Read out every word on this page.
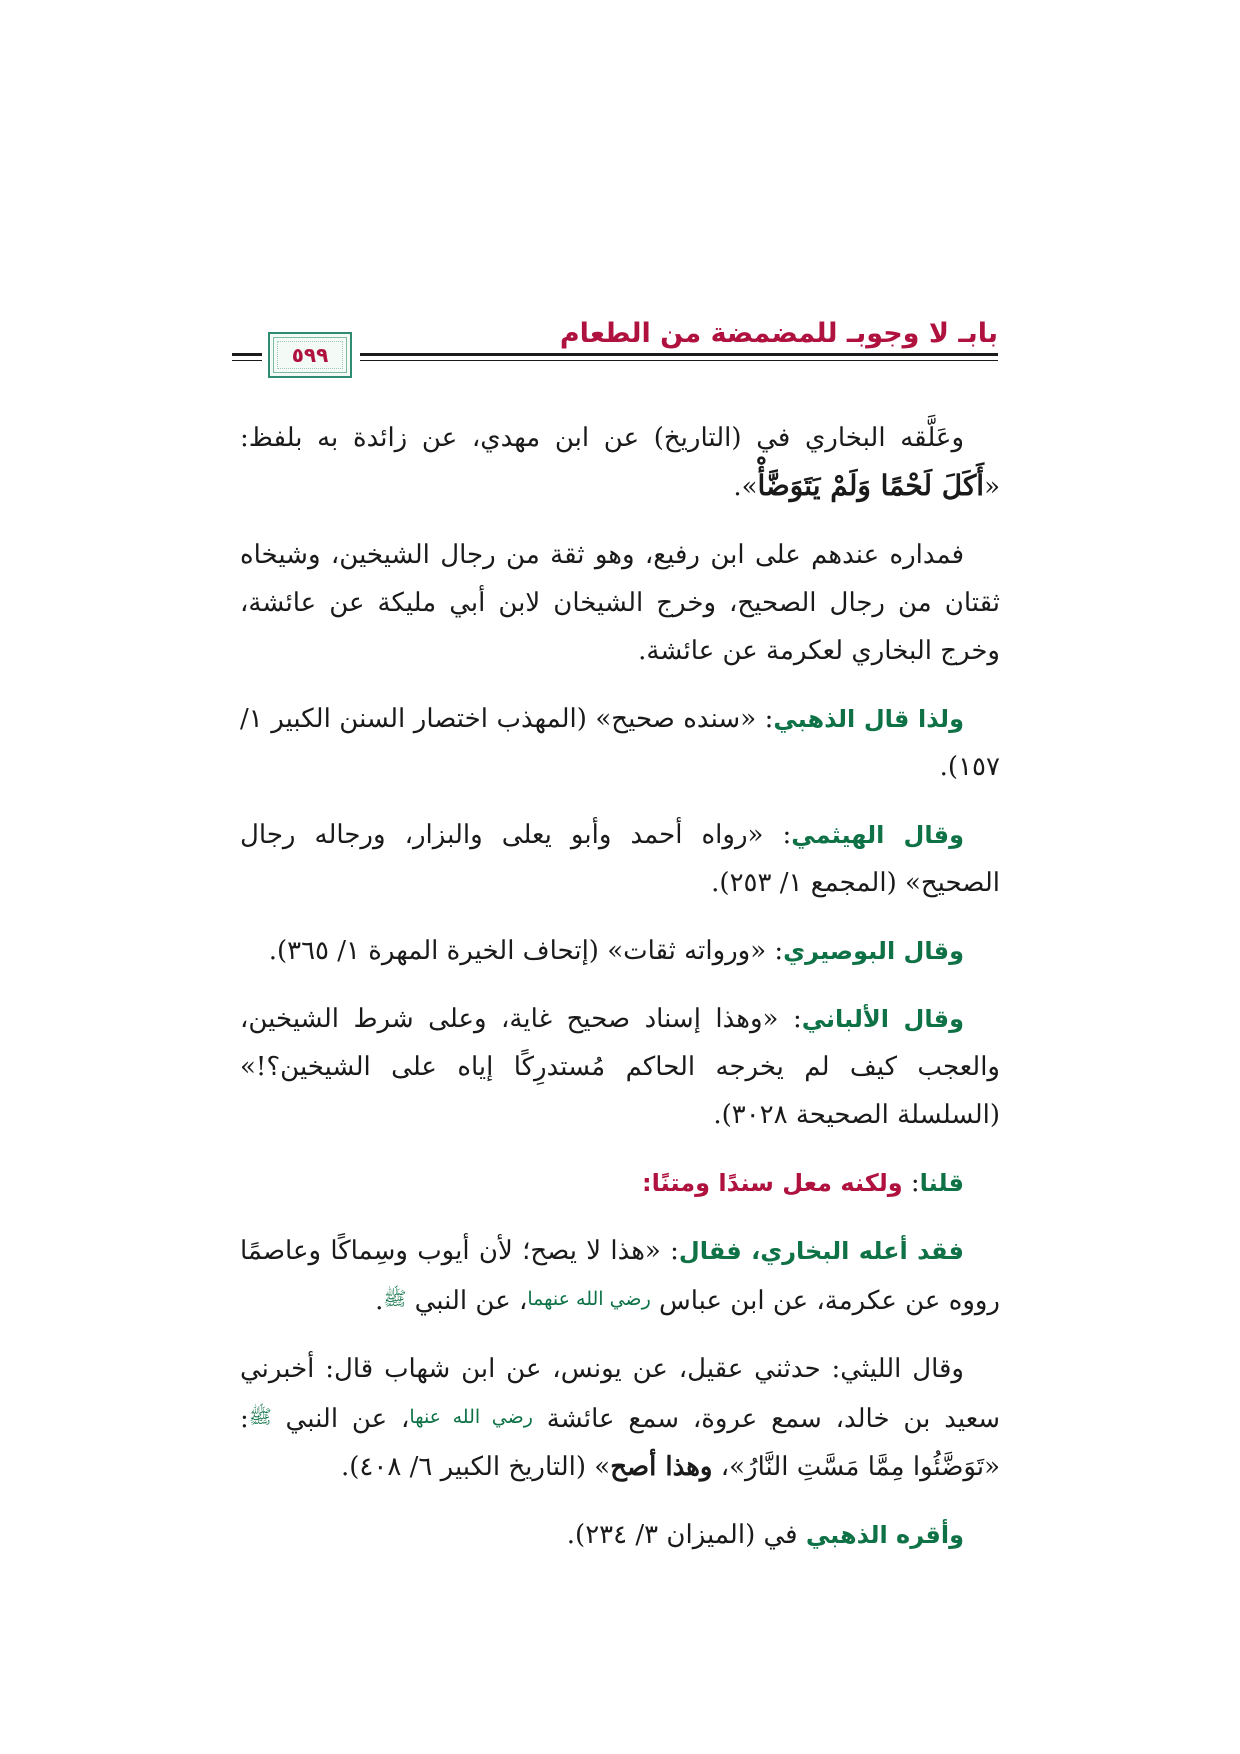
بابـ لا وجوبـ للمضمضة من الطعام
٥٩٩

وعَلَّقه البخاري في (التاريخ) عن ابن مهدي، عن زائدة به بلفظ: «أَكَلَ لَحْمًا وَلَمْ يَتَوَضَّأْ».

فمداره عندهم على ابن رفيع، وهو ثقة من رجال الشيخين، وشيخاه ثقتان من رجال الصحيح، وخرج الشيخان لابن أبي مليكة عن عائشة، وخرج البخاري لعكرمة عن عائشة.

ولذا قال الذهبي: «سنده صحيح» (المهذب اختصار السنن الكبير ١/ ١٥٧).

وقال الهيثمي: «رواه أحمد وأبو يعلى والبزار، ورجاله رجال الصحيح» (المجمع ١/ ٢٥٣).

وقال البوصيري: «ورواته ثقات» (إتحاف الخيرة المهرة ١/ ٣٦٥).

وقال الألباني: «وهذا إسناد صحيح غاية، وعلى شرط الشيخين، والعجب كيف لم يخرجه الحاكم مُستدرِكًا إياه على الشيخين؟!» (السلسلة الصحيحة ٣٠٢٨).

قلنا: ولكنه معل سندًا ومتنًا:

فقد أعله البخاري، فقال: «هذا لا يصح؛ لأن أيوب وسِماكًا وعاصمًا رووه عن عكرمة، عن ابن عباس رضي الله عنهما، عن النبي ﷺ.

وقال الليثي: حدثني عقيل، عن يونس، عن ابن شهاب قال: أخبرني سعيد بن خالد، سمع عروة، سمع عائشة رضي الله عنها، عن النبي ﷺ: «تَوَضَّئُوا مِمَّا مَسَّتِ النَّارُ»، وهذا أصح» (التاريخ الكبير ٦/ ٤٠٨).

وأقره الذهبي في (الميزان ٣/ ٢٣٤).
